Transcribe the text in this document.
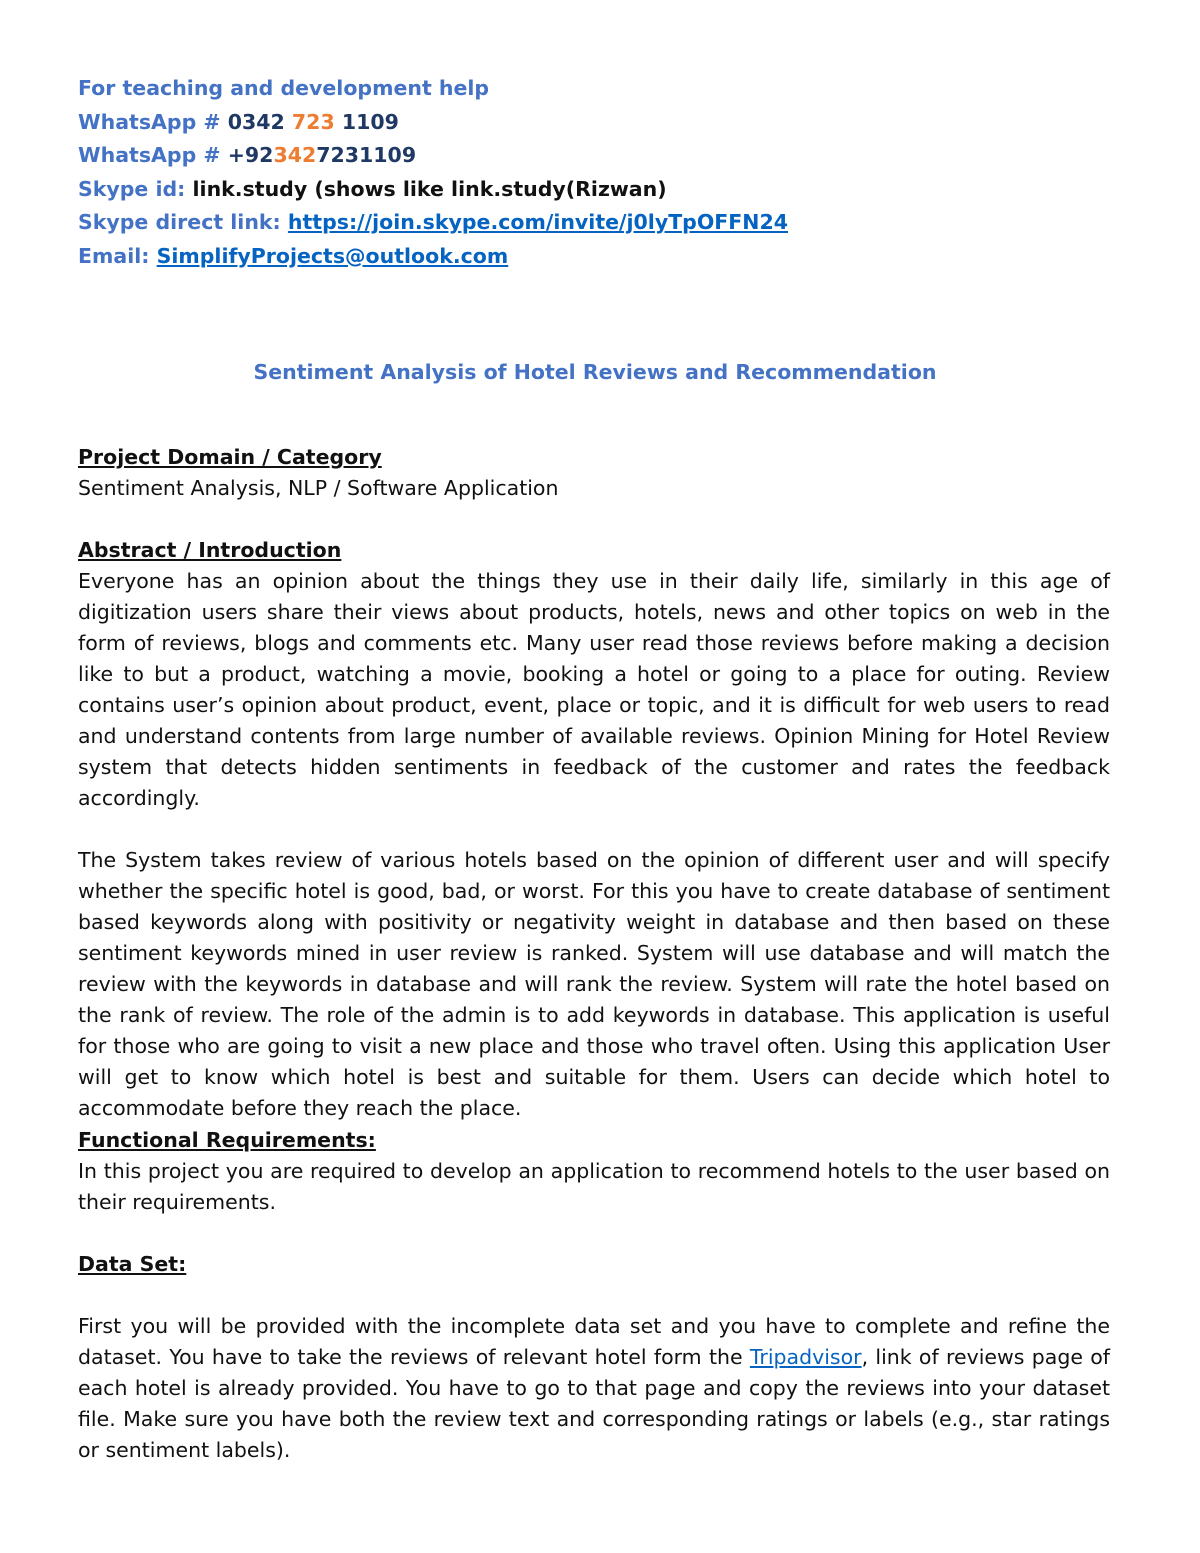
For teaching and development help
WhatsApp # 0342 723 1109
WhatsApp # +923427231109
Skype id: link.study (shows like link.study(Rizwan)
Skype direct link: https://join.skype.com/invite/j0lyTpOFFN24
Email: SimplifyProjects@outlook.com
Sentiment Analysis of Hotel Reviews and Recommendation
Project Domain / Category
Sentiment Analysis, NLP / Software Application
Abstract / Introduction
Everyone has an opinion about the things they use in their daily life, similarly in this age of digitization users share their views about products, hotels, news and other topics on web in the form of reviews, blogs and comments etc. Many user read those reviews before making a decision like to but a product, watching a movie, booking a hotel or going to a place for outing. Review contains user’s opinion about product, event, place or topic, and it is difficult for web users to read and understand contents from large number of available reviews. Opinion Mining for Hotel Review system that detects hidden sentiments in feedback of the customer and rates the feedback accordingly.
The System takes review of various hotels based on the opinion of different user and will specify whether the specific hotel is good, bad, or worst. For this you have to create database of sentiment based keywords along with positivity or negativity weight in database and then based on these sentiment keywords mined in user review is ranked. System will use database and will match the review with the keywords in database and will rank the review. System will rate the hotel based on the rank of review. The role of the admin is to add keywords in database. This application is useful for those who are going to visit a new place and those who travel often. Using this application User will get to know which hotel is best and suitable for them. Users can decide which hotel to accommodate before they reach the place.
Functional Requirements:
In this project you are required to develop an application to recommend hotels to the user based on their requirements.
Data Set:
First you will be provided with the incomplete data set and you have to complete and refine the dataset. You have to take the reviews of relevant hotel form the Tripadvisor, link of reviews page of each hotel is already provided. You have to go to that page and copy the reviews into your dataset file. Make sure you have both the review text and corresponding ratings or labels (e.g., star ratings or sentiment labels).
